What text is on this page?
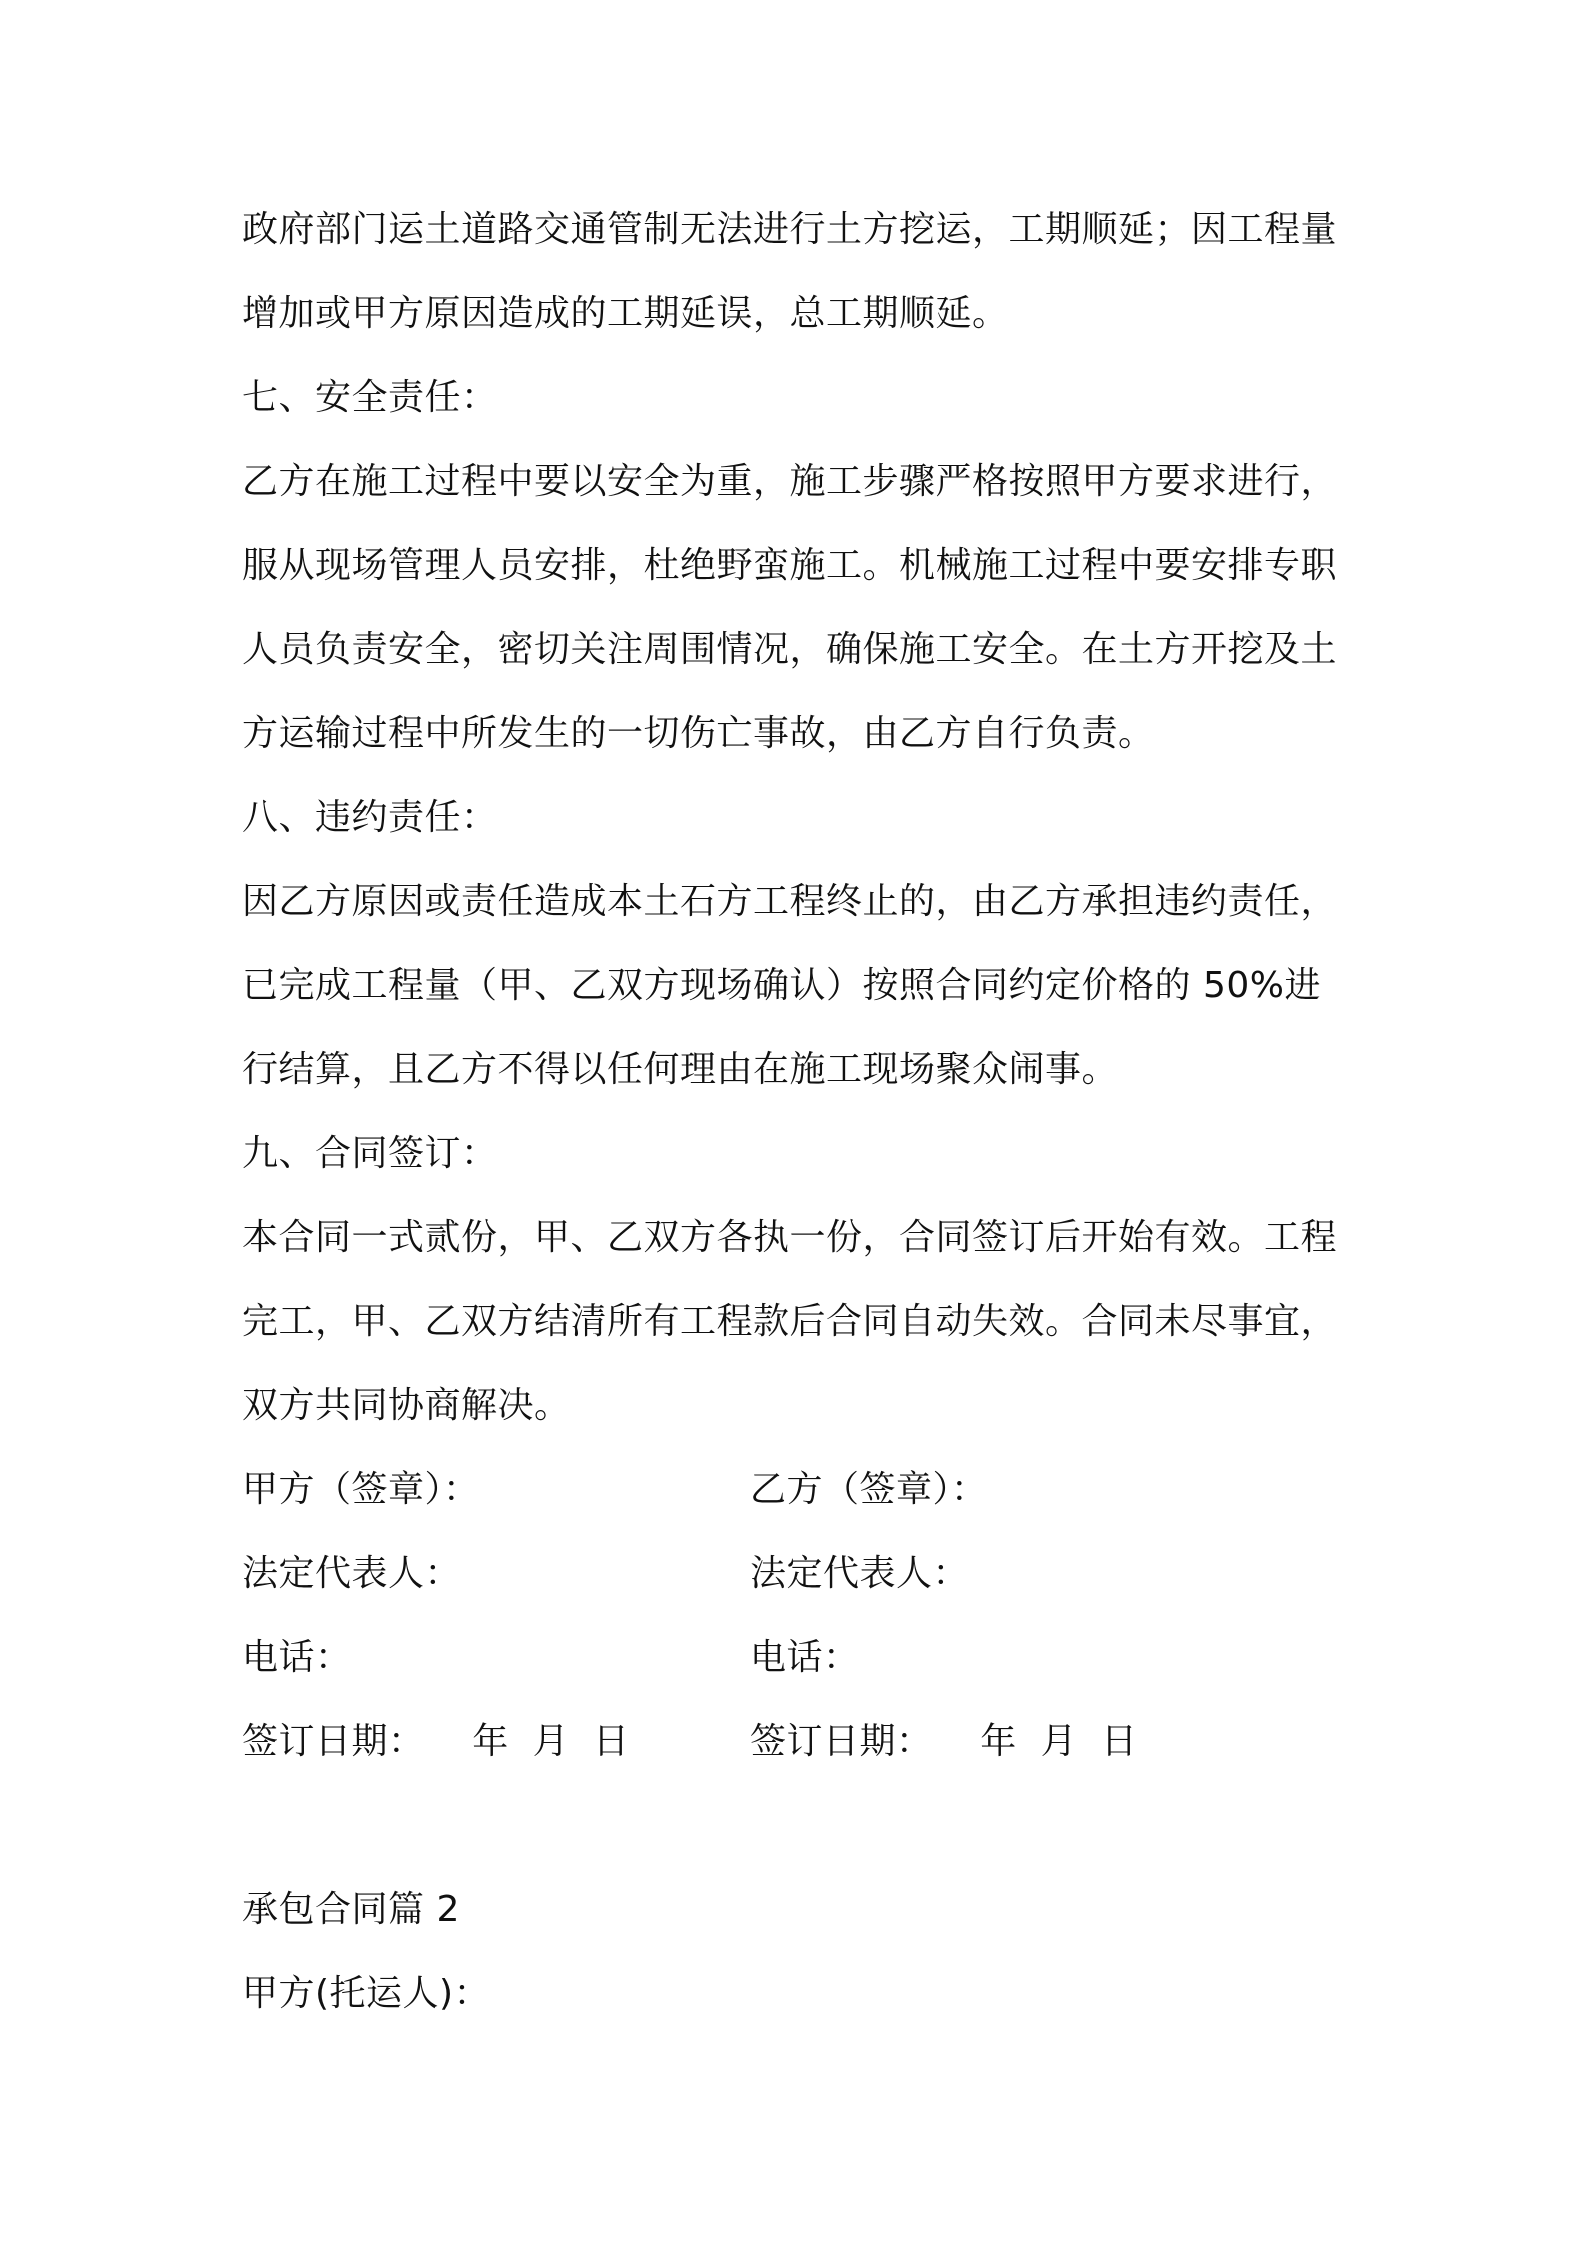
政府部门运土道路交通管制无法进行土方挖运，工期顺延；因工程量
增加或甲方原因造成的工期延误，总工期顺延。
七、安全责任：
乙方在施工过程中要以安全为重，施工步骤严格按照甲方要求进行，
服从现场管理人员安排，杜绝野蛮施工。机械施工过程中要安排专职
人员负责安全，密切关注周围情况，确保施工安全。在土方开挖及土
方运输过程中所发生的一切伤亡事故，由乙方自行负责。
八、违约责任：
因乙方原因或责任造成本土石方工程终止的，由乙方承担违约责任，
已完成工程量（甲、乙双方现场确认）按照合同约定价格的 50%进
行结算，且乙方不得以任何理由在施工现场聚众闹事。
九、合同签订：
本合同一式贰份，甲、乙双方各执一份，合同签订后开始有效。工程
完工，甲、乙双方结清所有工程款后合同自动失效。合同未尽事宜，
双方共同协商解决。
甲方（签章）：	乙方（签章）：
法定代表人：	法定代表人：
电话：	电话：
签订日期：    年  月  日	签订日期：    年  月  日
承包合同篇 2
甲方(托运人)：
